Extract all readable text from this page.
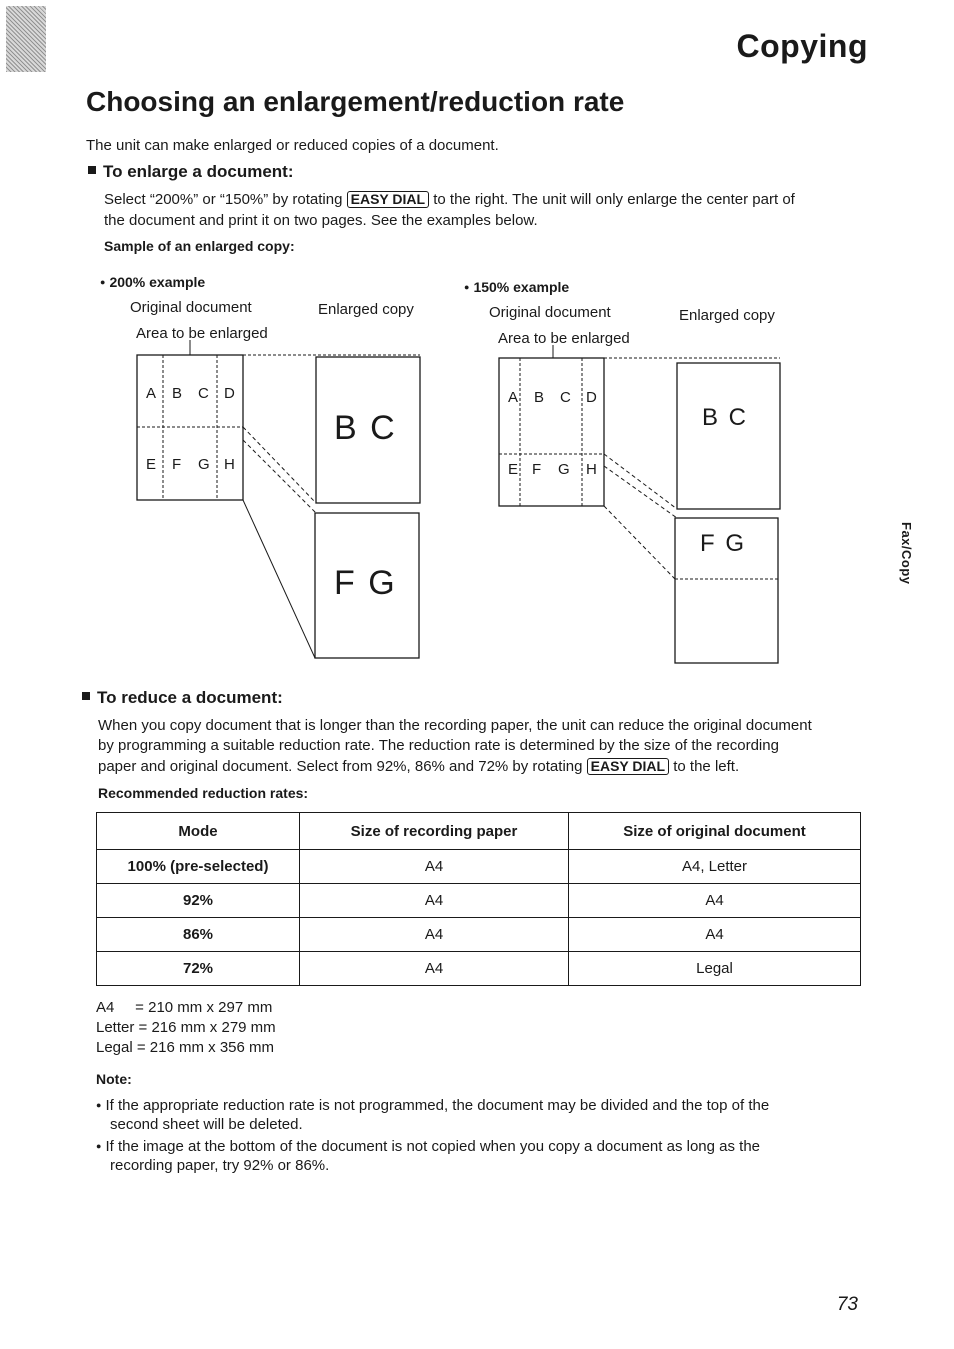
Copying
Choosing an enlargement/reduction rate
The unit can make enlarged or reduced copies of a document.
To enlarge a document:
Select “200%” or “150%” by rotating EASY DIAL to the right. The unit will only enlarge the center part of
the document and print it on two pages. See the examples below.
Sample of an enlarged copy:
● 200% example
Original document	Enlarged copy
Area to be enlarged
● 150% example
Original document	Enlarged copy
Area to be enlarged
A B C D
E F G H
B C
F G
A B C D
E F G H
B C
F G	Fax/Copy
To reduce a document:
When you copy document that is longer than the recording paper, the unit can reduce the original document
by programming a suitable reduction rate. The reduction rate is determined by the size of the recording
paper and original document. Select from 92%, 86% and 72% by rotating EASY DIAL to the left.
Recommended reduction rates:
Mode	Size of recording paper	Size of original document
100% (pre-selected)	A4	A4, Letter
92%	A4	A4
86%	A4	A4
72%	A4	Legal
A4     = 210 mm x 297 mm
Letter = 216 mm x 279 mm
Legal = 216 mm x 356 mm
Note:
● If the appropriate reduction rate is not programmed, the document may be divided and the top of the
second sheet will be deleted.
● If the image at the bottom of the document is not copied when you copy a document as long as the
recording paper, try 92% or 86%.
73
